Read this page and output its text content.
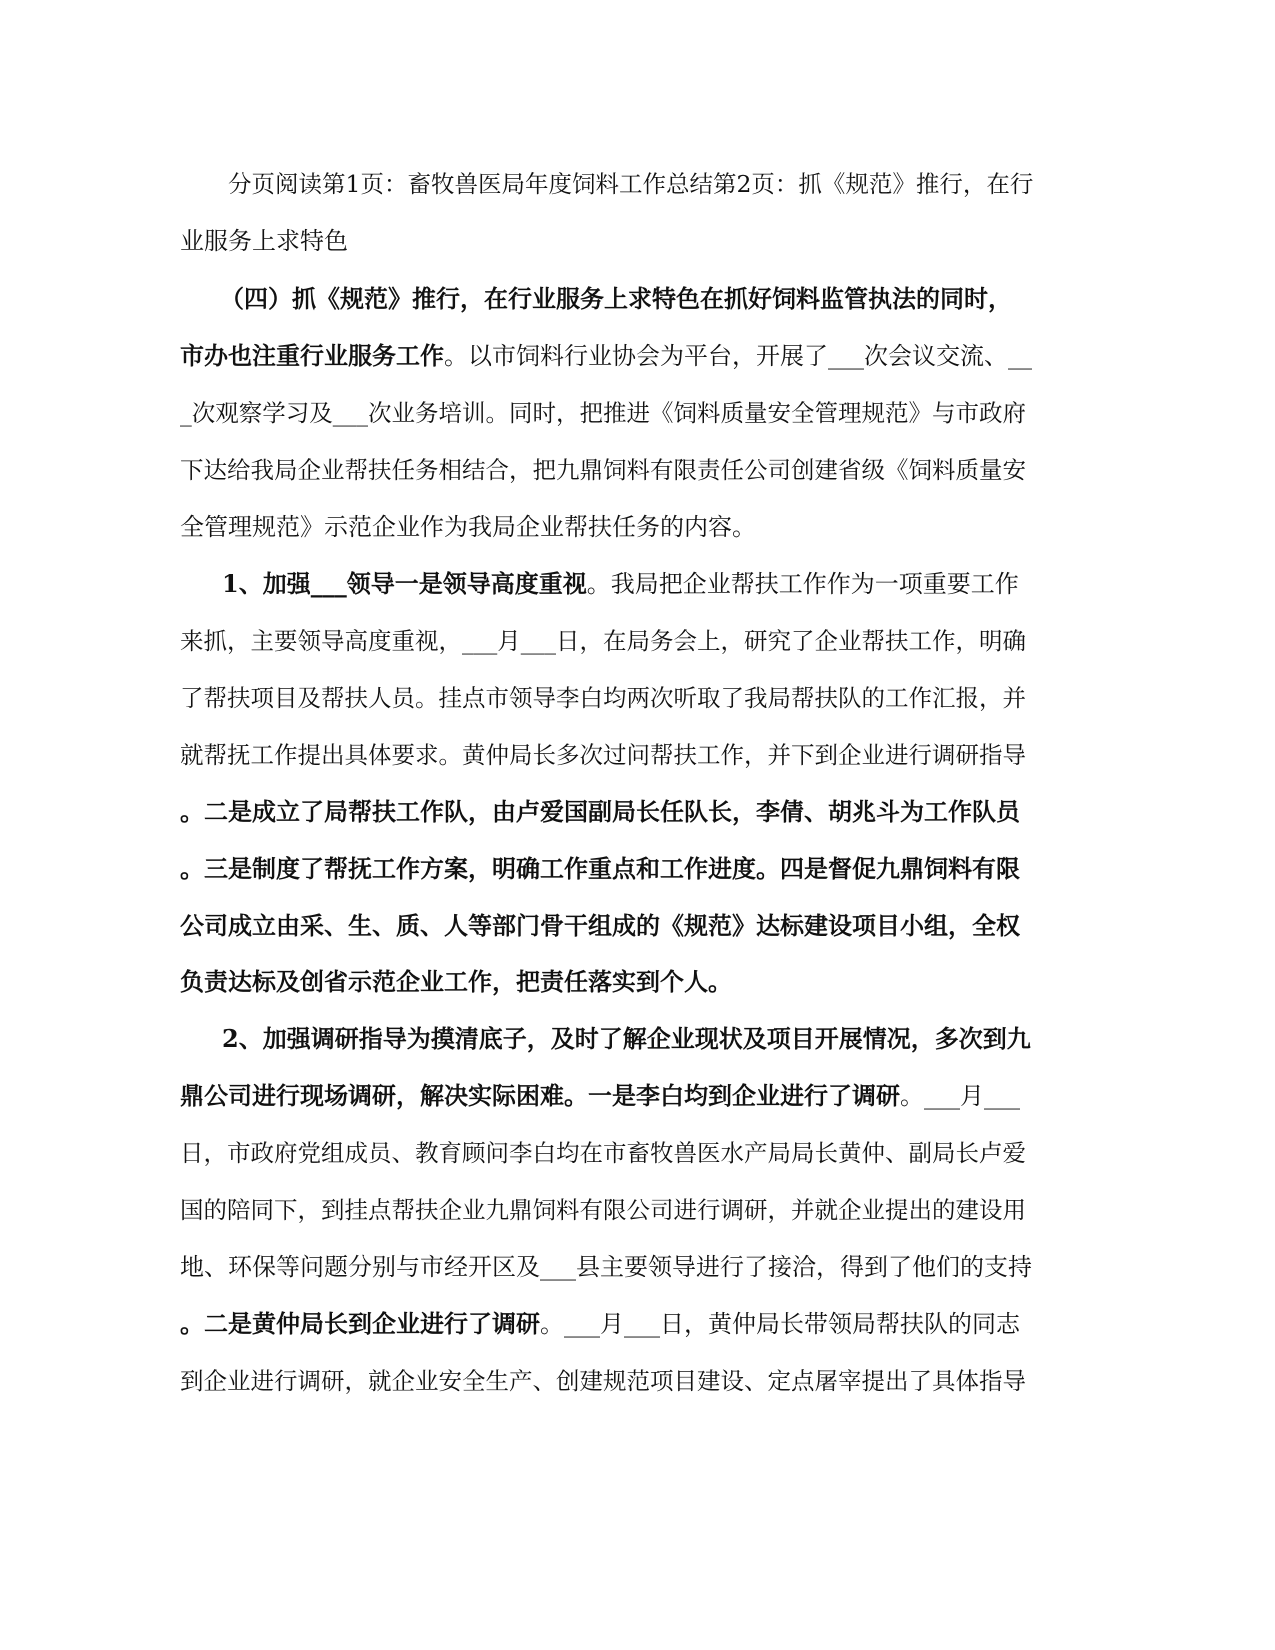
分页阅读第1页：畜牧兽医局年度饲料工作总结第2页：抓《规范》推行，在行
业服务上求特色
（四）抓《规范》推行，在行业服务上求特色在抓好饲料监管执法的同时，
市办也注重行业服务工作。以市饲料行业协会为平台，开展了___次会议交流、__
_次观察学习及___次业务培训。同时，把推进《饲料质量安全管理规范》与市政府
下达给我局企业帮扶任务相结合，把九鼎饲料有限责任公司创建省级《饲料质量安
全管理规范》示范企业作为我局企业帮扶任务的内容。
1、加强___领导一是领导高度重视。我局把企业帮扶工作作为一项重要工作
来抓，主要领导高度重视，___月___日，在局务会上，研究了企业帮扶工作，明确
了帮扶项目及帮扶人员。挂点市领导李白均两次听取了我局帮扶队的工作汇报，并
就帮抚工作提出具体要求。黄仲局长多次过问帮扶工作，并下到企业进行调研指导
。二是成立了局帮扶工作队，由卢爱国副局长任队长，李倩、胡兆斗为工作队员
。三是制度了帮抚工作方案，明确工作重点和工作进度。四是督促九鼎饲料有限
公司成立由采、生、质、人等部门骨干组成的《规范》达标建设项目小组，全权
负责达标及创省示范企业工作，把责任落实到个人。
2、加强调研指导为摸清底子，及时了解企业现状及项目开展情况，多次到九
鼎公司进行现场调研，解决实际困难。一是李白均到企业进行了调研。___月___
日，市政府党组成员、教育顾问李白均在市畜牧兽医水产局局长黄仲、副局长卢爱
国的陪同下，到挂点帮扶企业九鼎饲料有限公司进行调研，并就企业提出的建设用
地、环保等问题分别与市经开区及___县主要领导进行了接洽，得到了他们的支持
。二是黄仲局长到企业进行了调研。___月___日，黄仲局长带领局帮扶队的同志
到企业进行调研，就企业安全生产、创建规范项目建设、定点屠宰提出了具体指导
